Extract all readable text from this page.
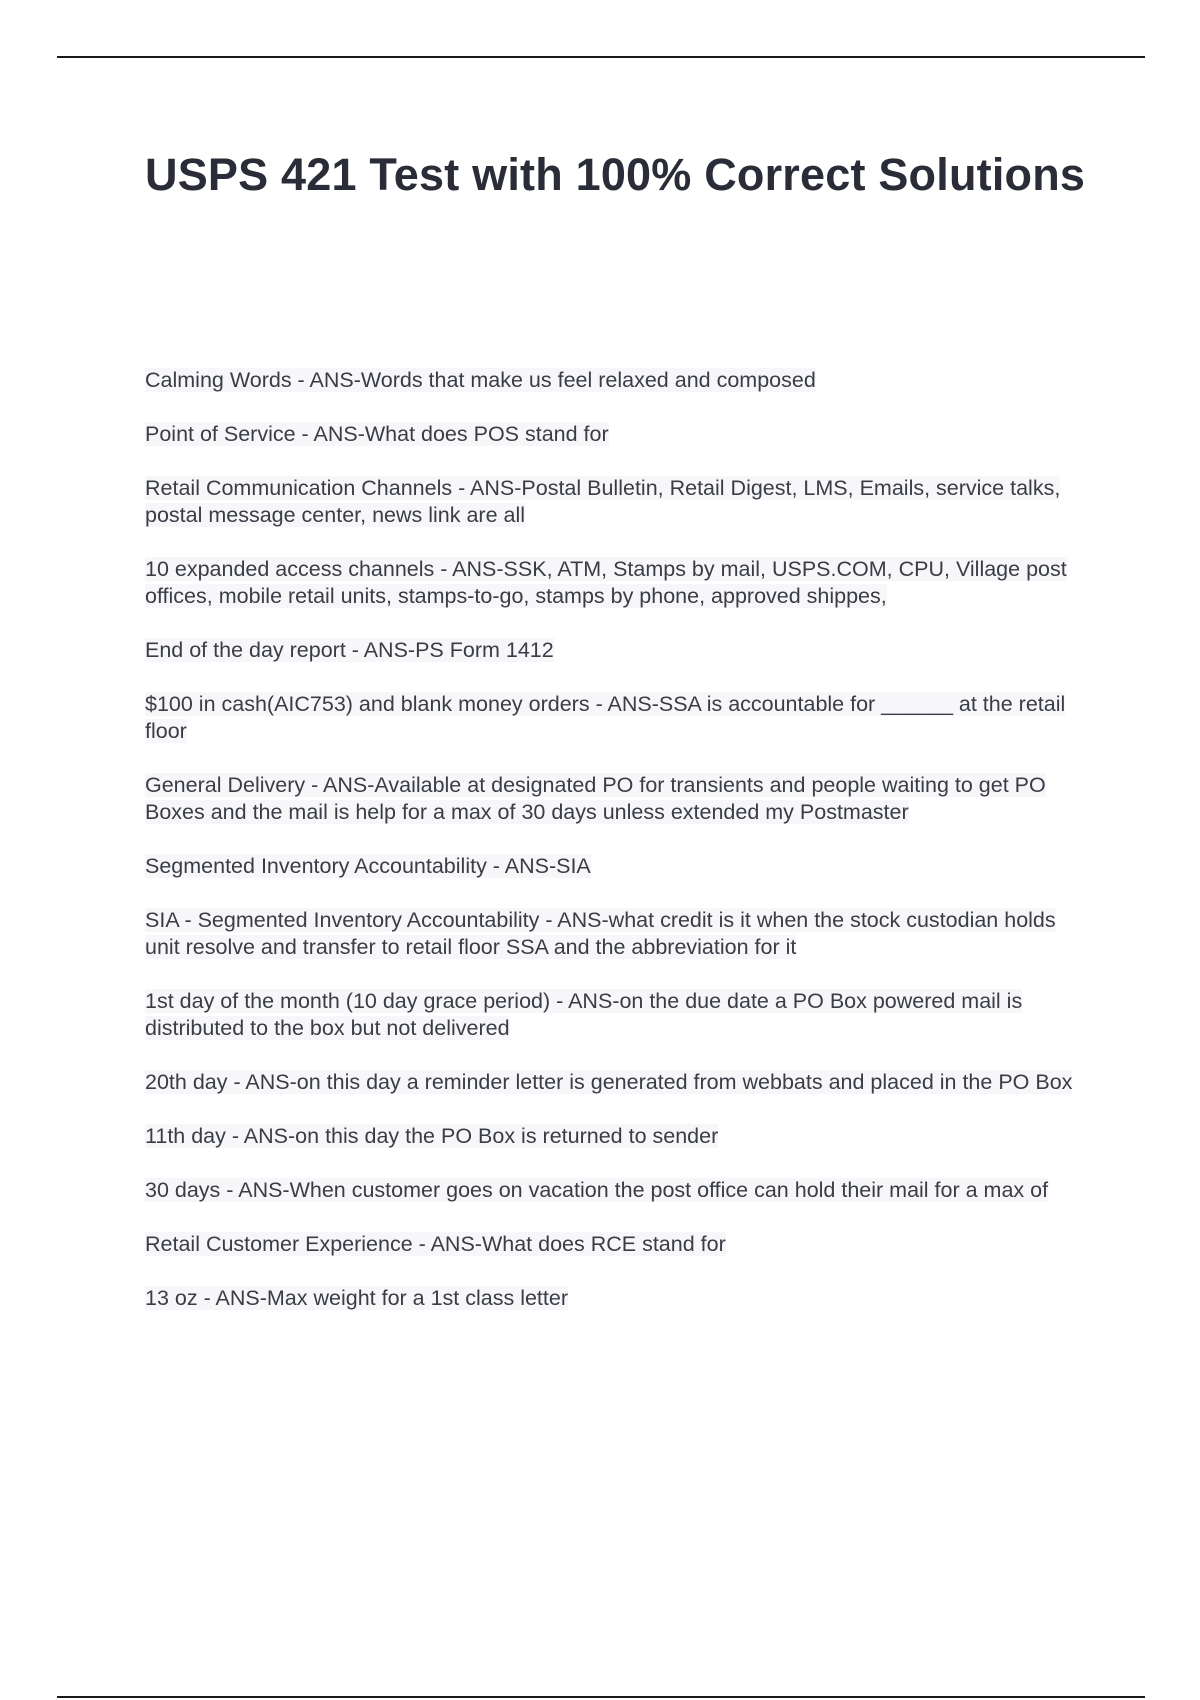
USPS 421 Test with 100% Correct Solutions
Calming Words - ANS-Words that make us feel relaxed and composed
Point of Service - ANS-What does POS stand for
Retail Communication Channels - ANS-Postal Bulletin, Retail Digest, LMS, Emails, service talks, postal message center, news link are all
10 expanded access channels - ANS-SSK, ATM, Stamps by mail, USPS.COM, CPU, Village post offices, mobile retail units, stamps-to-go, stamps by phone, approved shippes,
End of the day report - ANS-PS Form 1412
$100 in cash(AIC753) and blank money orders - ANS-SSA is accountable for ______ at the retail floor
General Delivery - ANS-Available at designated PO for transients and people waiting to get PO Boxes and the mail is help for a max of 30 days unless extended my Postmaster
Segmented Inventory Accountability - ANS-SIA
SIA - Segmented Inventory Accountability - ANS-what credit is it when the stock custodian holds unit resolve and transfer to retail floor SSA and the abbreviation for it
1st day of the month (10 day grace period) - ANS-on the due date a PO Box powered mail is distributed to the box but not delivered
20th day - ANS-on this day a reminder letter is generated from webbats and placed in the PO Box
11th day - ANS-on this day the PO Box is returned to sender
30 days - ANS-When customer goes on vacation the post office can hold their mail for a max of
Retail Customer Experience - ANS-What does RCE stand for
13 oz - ANS-Max weight for a 1st class letter
